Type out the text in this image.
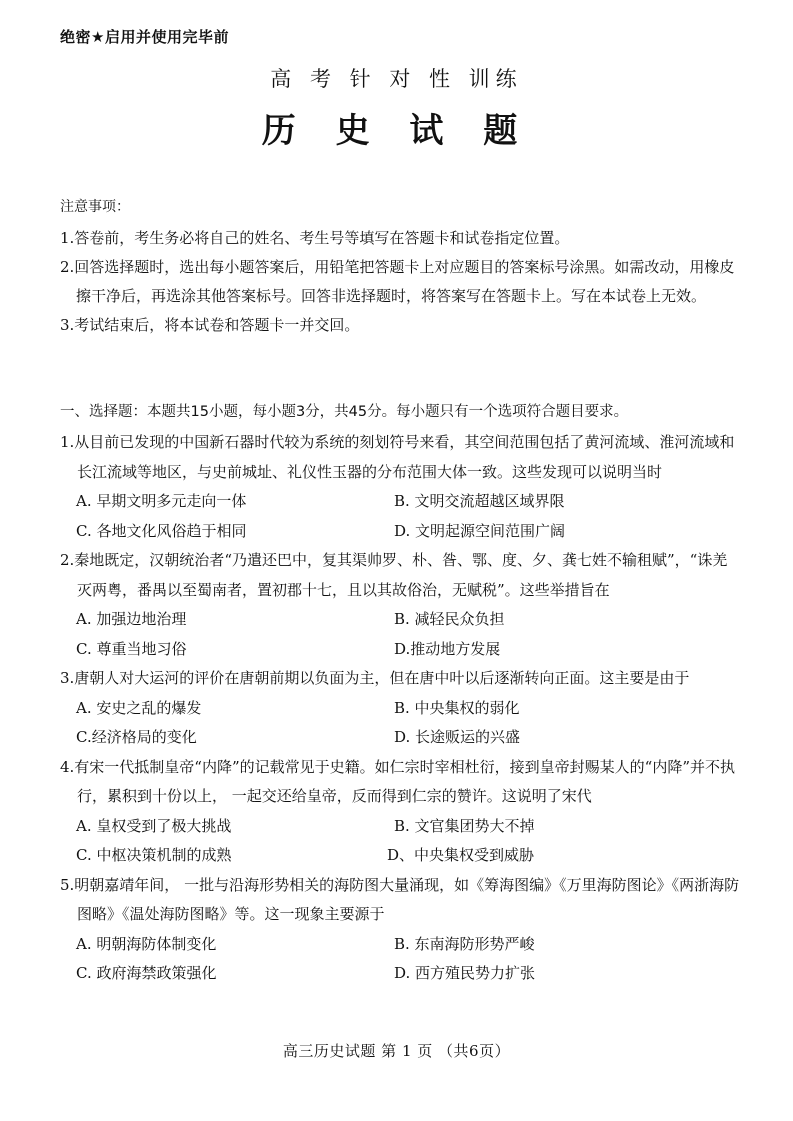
绝密★启用并使用完毕前
高 考 针 对 性 训练
历 史 试 题
注意事项：
1.答卷前，考生务必将自己的姓名、考生号等填写在答题卡和试卷指定位置。
2.回答选择题时，选出每小题答案后，用铅笔把答题卡上对应题目的答案标号涂黑。如需改动，用橡皮擦干净后，再选涂其他答案标号。回答非选择题时，将答案写在答题卡上。写在本试卷上无效。
3.考试结束后，将本试卷和答题卡一并交回。
一、选择题：本题共15小题，每小题3分，共45分。每小题只有一个选项符合题目要求。
1.从目前已发现的中国新石器时代较为系统的刻划符号来看，其空间范围包括了黄河流域、淮河流域和长江流域等地区，与史前城址、礼仪性玉器的分布范围大体一致。这些发现可以说明当时
A. 早期文明多元走向一体	B. 文明交流超越区域界限
C. 各地文化风俗趋于相同	D. 文明起源空间范围广阔
2.秦地既定，汉朝统治者“乃遣还巴中，复其渠帅罗、朴、昝、鄂、度、夕、龚七姓不输租赋”，“诛羌灭两粤，番禺以至蜀南者，置初郡十七，且以其故俗治，无赋税”。这些举措旨在
A. 加强边地治理	B. 减轻民众负担
C. 尊重当地习俗	D.推动地方发展
3.唐朝人对大运河的评价在唐朝前期以负面为主，但在唐中叶以后逐渐转向正面。这主要是由于
A. 安史之乱的爆发	B. 中央集权的弱化
C.经济格局的变化	D. 长途贩运的兴盛
4.有宋一代抵制皇帝“内降”的记载常见于史籍。如仁宗时宰相杜衍，接到皇帝封赐某人的“内降”并不执行，累积到十份以上， 一起交还给皇帝，反而得到仁宗的赞许。这说明了宋代
A. 皇权受到了极大挑战	B. 文官集团势大不掉
C. 中枢决策机制的成熟	D、中央集权受到威胁
5.明朝嘉靖年间， 一批与沿海形势相关的海防图大量涌现，如《筹海图编》《万里海防图论》《两浙海防图略》《温处海防图略》等。这一现象主要源于
A. 明朝海防体制变化	B. 东南海防形势严峻
C. 政府海禁政策强化	D. 西方殖民势力扩张
高三历史试题 第 1 页 （共6页）
